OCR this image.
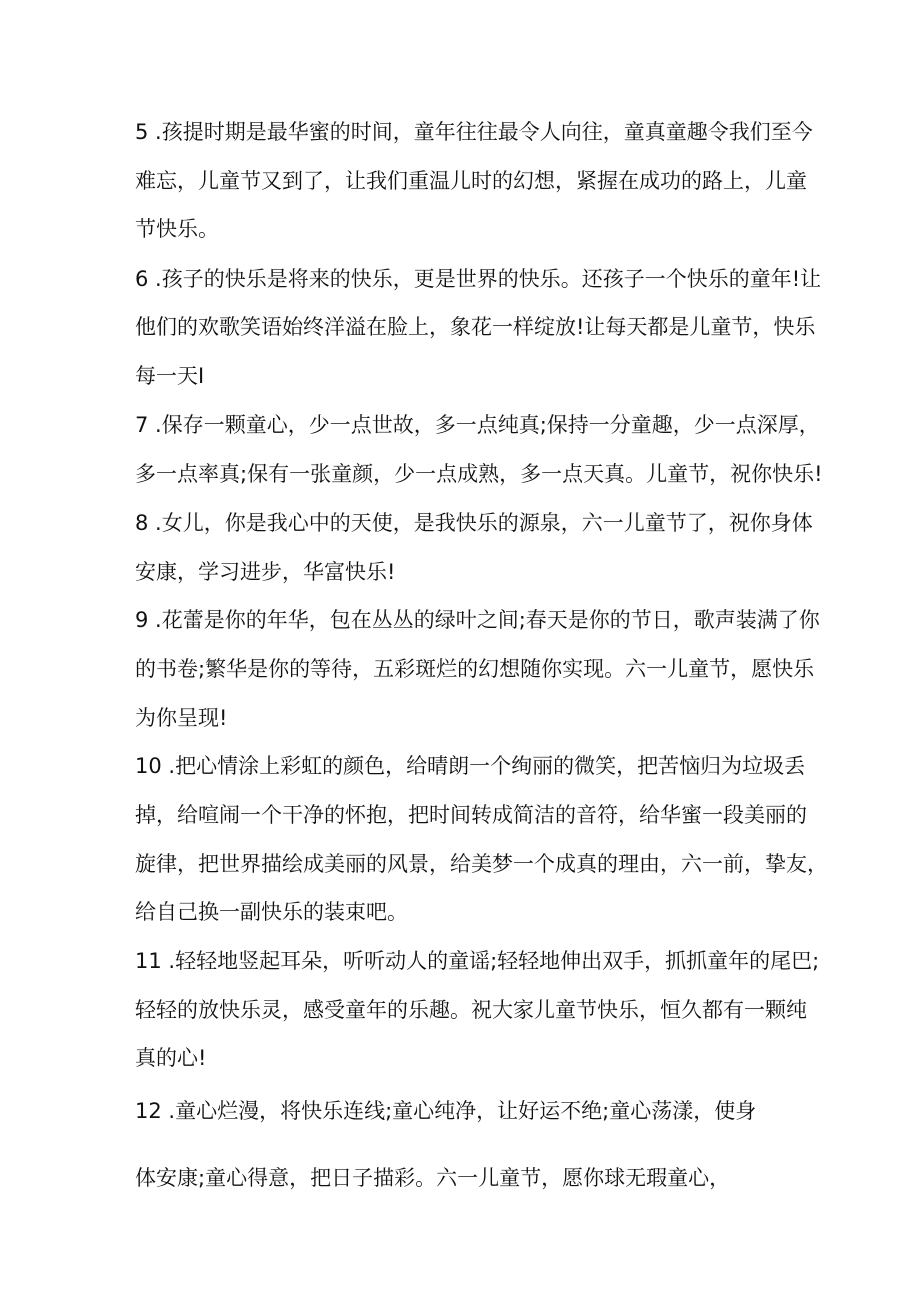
5 .孩提时期是最华蜜的时间，童年往往最令人向往，童真童趣令我们至今
难忘，儿童节又到了，让我们重温儿时的幻想，紧握在成功的路上，儿童
节快乐。
6 .孩子的快乐是将来的快乐，更是世界的快乐。还孩子一个快乐的童年!让
他们的欢歌笑语始终洋溢在脸上，象花一样绽放!让每天都是儿童节，快乐
每一天I
7 .保存一颗童心，少一点世故，多一点纯真;保持一分童趣，少一点深厚，
多一点率真;保有一张童颜，少一点成熟，多一点天真。儿童节，祝你快乐!
8 .女儿，你是我心中的天使，是我快乐的源泉，六一儿童节了，祝你身体
安康，学习进步，华富快乐!
9 .花蕾是你的年华，包在丛丛的绿叶之间;春天是你的节日，歌声装满了你
的书卷;繁华是你的等待，五彩斑烂的幻想随你实现。六一儿童节，愿快乐
为你呈现!
10 .把心情涂上彩虹的颜色，给晴朗一个绚丽的微笑，把苦恼归为垃圾丢
掉，给喧闹一个干净的怀抱，把时间转成简洁的音符，给华蜜一段美丽的
旋律，把世界描绘成美丽的风景，给美梦一个成真的理由，六一前，挚友，
给自己换一副快乐的装束吧。
11 .轻轻地竖起耳朵，听听动人的童谣;轻轻地伸出双手，抓抓童年的尾巴;
轻轻的放快乐灵，感受童年的乐趣。祝大家儿童节快乐，恒久都有一颗纯
真的心!
12 .童心烂漫，将快乐连线;童心纯净，让好运不绝;童心荡漾，使身
体安康;童心得意，把日子描彩。六一儿童节，愿你球无瑕童心，
